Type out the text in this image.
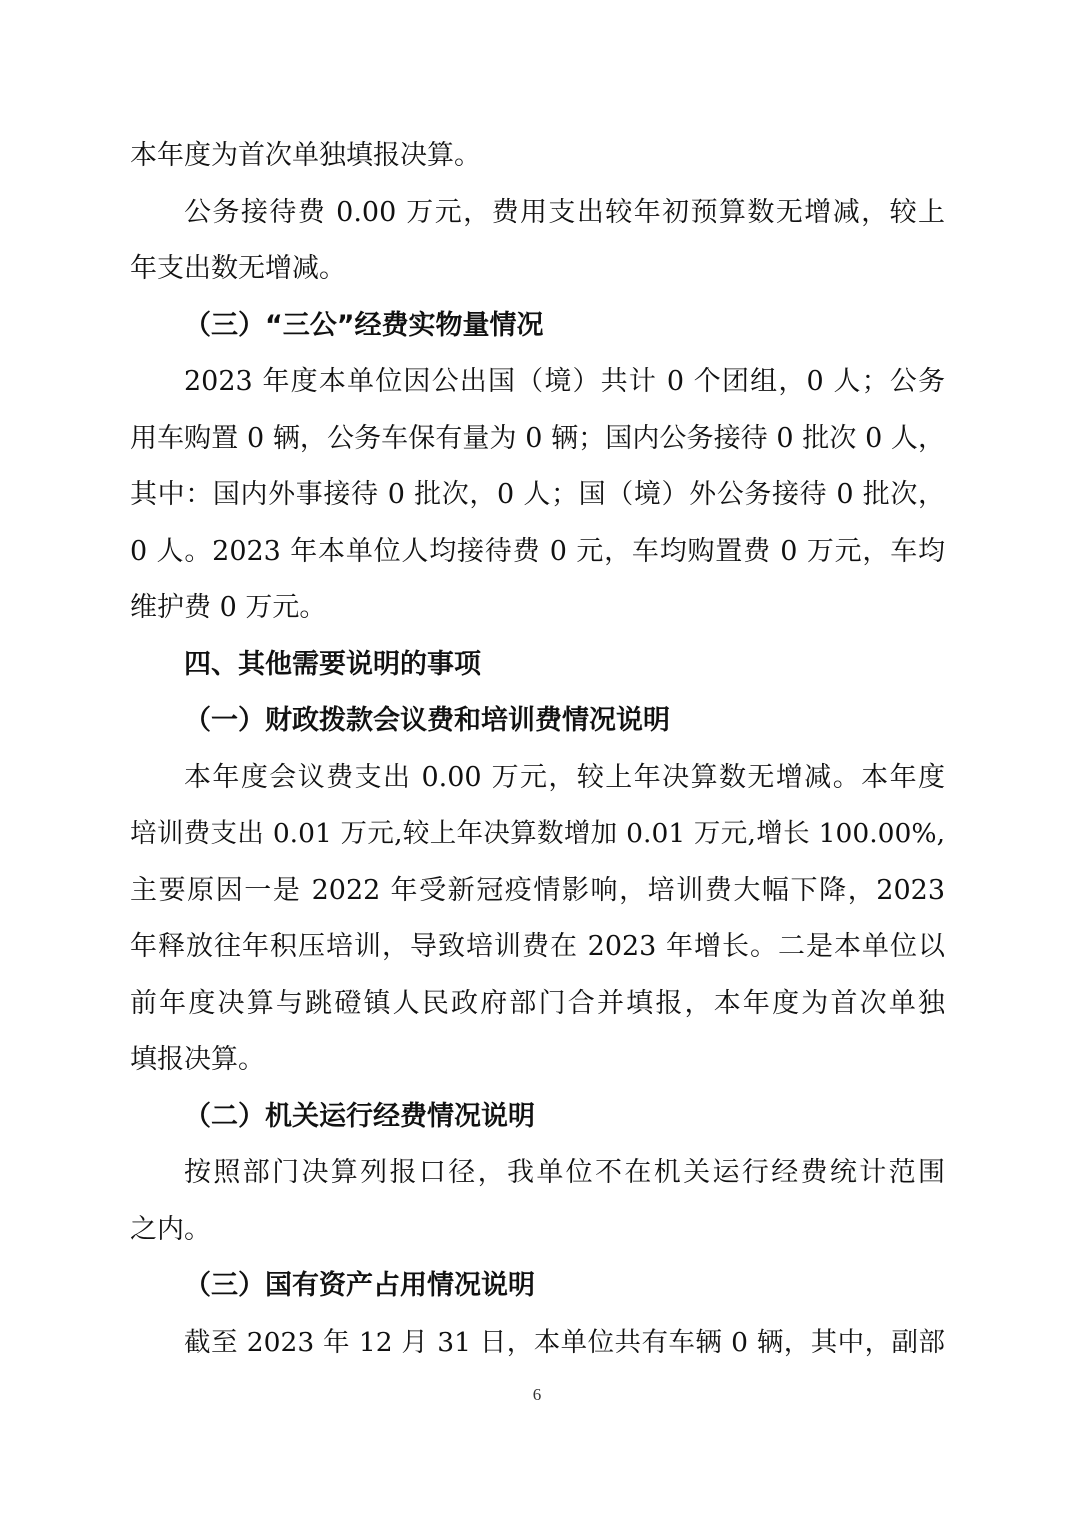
本年度为首次单独填报决算。
公务接待费 0.00 万元，费用支出较年初预算数无增减，较上
年支出数无增减。
（三）“三公”经费实物量情况
2023 年度本单位因公出国（境）共计 0 个团组，0 人；公务
用车购置 0 辆，公务车保有量为 0 辆；国内公务接待 0 批次 0 人，
其中：国内外事接待 0 批次，0 人；国（境）外公务接待 0 批次，
0 人。2023 年本单位人均接待费 0 元，车均购置费 0 万元，车均
维护费 0 万元。
四、其他需要说明的事项
（一）财政拨款会议费和培训费情况说明
本年度会议费支出 0.00 万元，较上年决算数无增减。本年度
培训费支出 0.01 万元,较上年决算数增加 0.01 万元,增长 100.00%,
主要原因一是 2022 年受新冠疫情影响，培训费大幅下降，2023
年释放往年积压培训，导致培训费在 2023 年增长。二是本单位以
前年度决算与跳磴镇人民政府部门合并填报，本年度为首次单独
填报决算。
（二）机关运行经费情况说明
按照部门决算列报口径，我单位不在机关运行经费统计范围
之内。
（三）国有资产占用情况说明
截至 2023 年 12 月 31 日，本单位共有车辆 0 辆，其中，副部
6
